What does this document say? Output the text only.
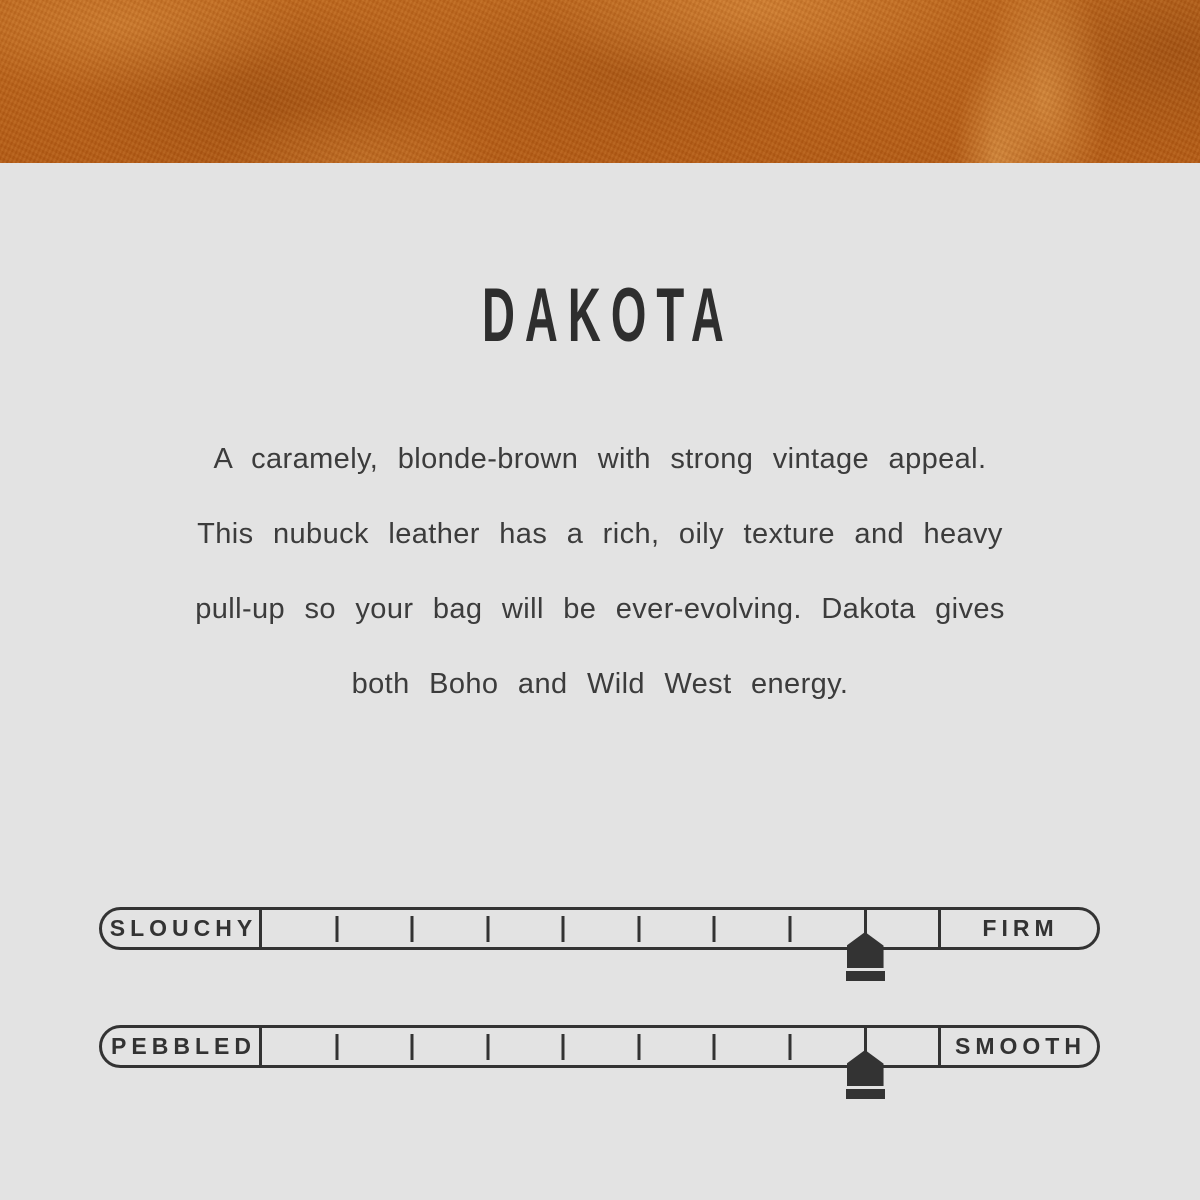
DAKOTA
A caramely, blonde-brown with strong vintage appeal.
This nubuck leather has a rich, oily texture and heavy
pull-up so your bag will be ever-evolving. Dakota gives
both Boho and Wild West energy.
SLOUCHY	FIRM
PEBBLED	SMOOTH
